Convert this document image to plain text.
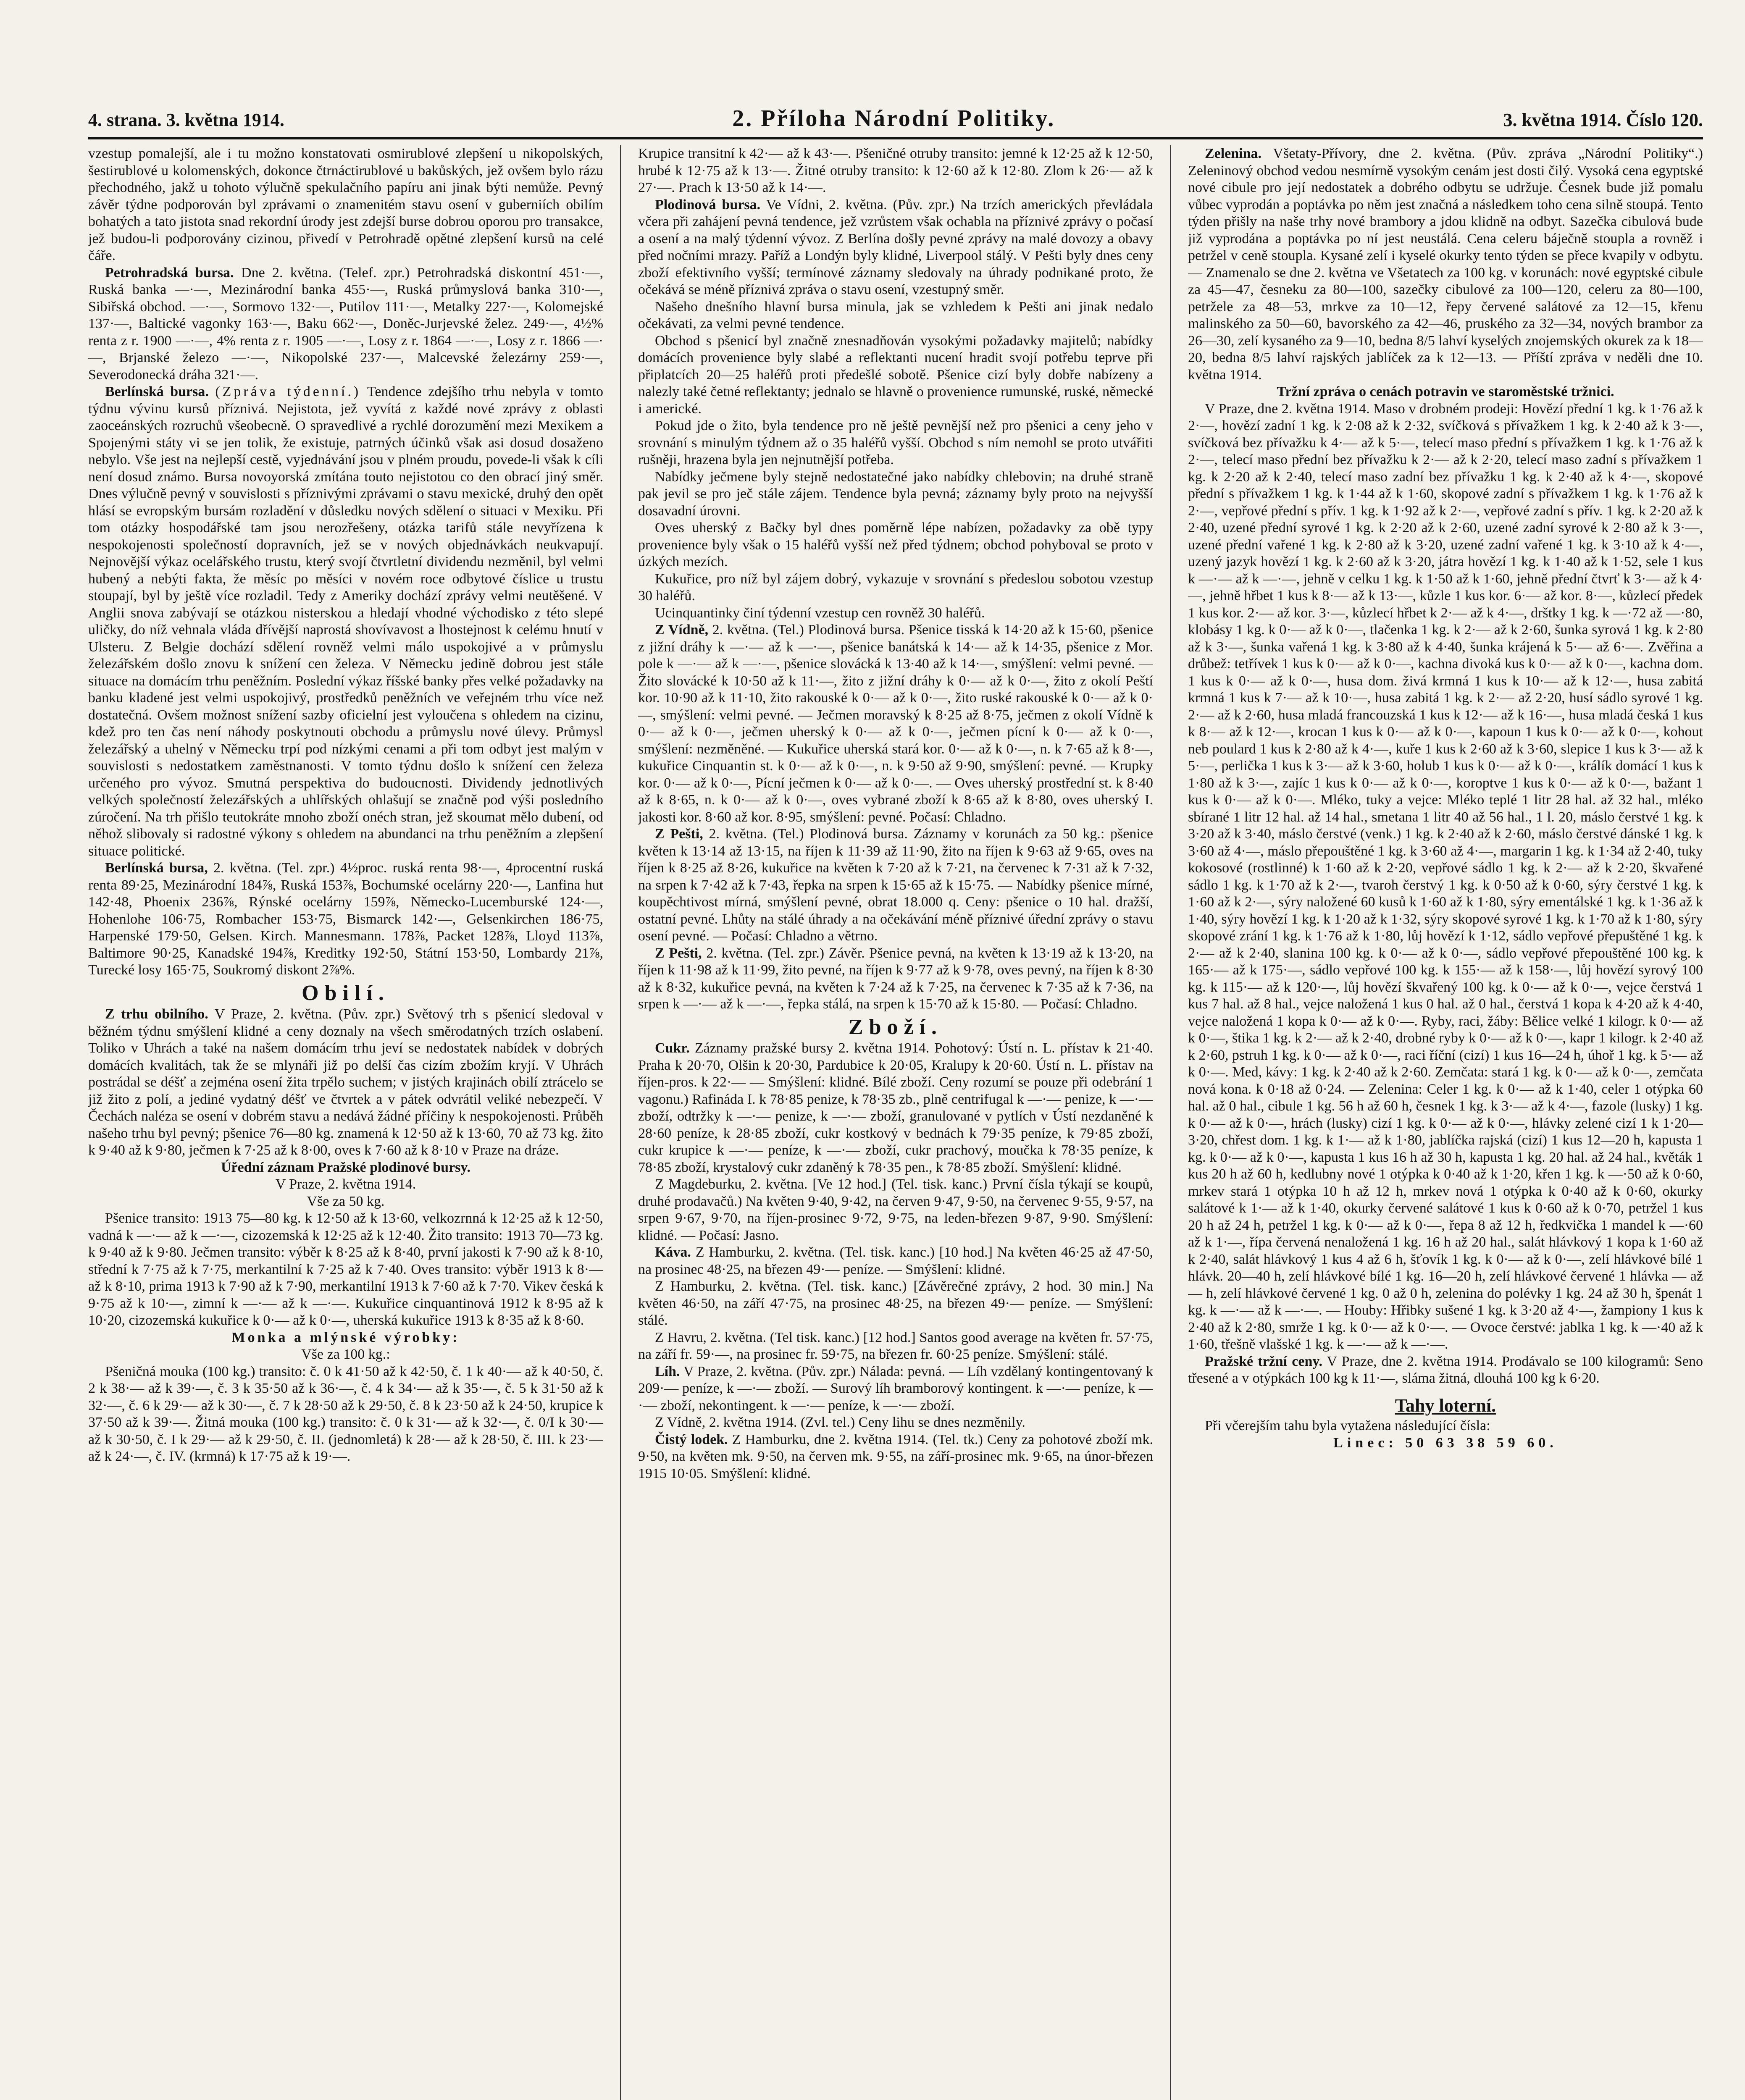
4. strana. 3. května 1914.	2. Příloha Národní Politiky.	3. května 1914. Číslo 120.

vzestup pomalejší, ale i tu možno konstatovati osmirublové zlepšení u nikopolských, šestirublové u kolomenských, dokonce čtrnáctirublové u bakůských, jež ovšem bylo rázu přechodného, jakž u tohoto výlučně spekulačního papíru ani jinak býti nemůže. Pevný závěr týdne podporován byl zprávami o znamenitém stavu osení v guberniích obilím bohatých a tato jistota snad rekordní úrody jest zdejší burse dobrou oporou pro transakce, jež budou-li podporovány cizinou, přivedí v Petrohradě opětné zlepšení kursů na celé čáře.

Petrohradská bursa. Dne 2. května. (Telef. zpr.) Petrohradská diskontní 451·—, Ruská banka —·—, Mezinárodní banka 455·—, Ruská průmyslová banka 310·—, Sibiřská obchod. —·—, Sormovo 132·—, Putilov 111·—, Metalky 227·—, Kolomejské 137·—, Baltické vagonky 163·—, Baku 662·—, Doněc-Jurjevské želez. 249·—, 4½% renta z r. 1900 —·—, 4% renta z r. 1905 —·—, Losy z r. 1864 —·—, Losy z r. 1866 —·—, Brjanské železo —·—, Nikopolské 237·—, Malcevské železárny 259·—, Severodonecká dráha 321·—.

Berlínská bursa. (Zpráva týdenní.) Tendence zdejšího trhu nebyla v tomto týdnu vývinu kursů příznivá. Nejistota, jež vyvítá z každé nové zprávy z oblasti zaoceánských rozruchů všeobecně. O spravedlivé a rychlé dorozumění mezi Mexikem a Spojenými státy vi se jen tolik, že existuje, patrných účinků však asi dosud dosaženo nebylo. Vše jest na nejlepší cestě, vyjednávání jsou v plném proudu, povede-li však k cíli není dosud známo. Bursa novoyorská zmítána touto nejistotou co den obrací jiný směr. Dnes výlučně pevný v souvislosti s příznivými zprávami o stavu mexické, druhý den opět hlásí se evropským bursám rozladění v důsledku nových sdělení o situaci v Mexiku. Při tom otázky hospodářské tam jsou nerozřešeny, otázka tarifů stále nevyřízena k nespokojenosti společností dopravních, jež se v nových objednávkách neukvapují. Nejnovější výkaz ocelářského trustu, který svojí čtvrtletní dividendu nezměnil, byl velmi hubený a nebýti fakta, že měsíc po měsíci v novém roce odbytové číslice u trustu stoupají, byl by ještě více rozladil. Tedy z Ameriky dochází zprávy velmi neutěšené. V Anglii snova zabývají se otázkou nisterskou a hledají vhodné východisko z této slepé uličky, do níž vehnala vláda dřívější naprostá shovívavost a lhostejnost k celému hnutí v Ulsteru. Z Belgie dochází sdělení rovněž velmi málo uspokojivé a v průmyslu železářském došlo znovu k snížení cen železa. V Německu jedině dobrou jest stále situace na domácím trhu peněžním. Poslední výkaz říšské banky přes velké požadavky na banku kladené jest velmi uspokojivý, prostředků peněžních ve veřejném trhu více než dostatečná. Ovšem možnost snížení sazby oficielní jest vyloučena s ohledem na cizinu, kdež pro ten čas není náhody poskytnouti obchodu a průmyslu nové úlevy. Průmysl železářský a uhelný v Německu trpí pod nízkými cenami a při tom odbyt jest malým v souvislosti s nedostatkem zaměstnanosti. V tomto týdnu došlo k snížení cen železa určeného pro vývoz. Smutná perspektiva do budoucnosti. Dividendy jednotlivých velkých společností železářských a uhlířských ohlašují se značně pod výši posledního zúročení. Na trh přišlo teutokráte mnoho zboží onéch stran, jež skoumat mělo dubení, od něhož slibovaly si radostné výkony s ohledem na abundanci na trhu peněžním a zlepšení situace politické.

Berlínská bursa, 2. května. (Tel. zpr.) 4½proc. ruská renta 98·—, 4procentní ruská renta 89·25, Mezinárodní 184⅞, Ruská 153⅞, Bochumské ocelárny 220·—, Lanfina hut 142·48, Phoenix 236⅞, Rýnské ocelárny 159⅞, Německo-Lucemburské 124·—, Hohenlohe 106·75, Rombacher 153·75, Bismarck 142·—, Gelsenkirchen 186·75, Harpenské 179·50, Gelsen. Kirch. Mannesmann. 178⅞, Packet 128⅞, Lloyd 113⅞, Baltimore 90·25, Kanadské 194⅞, Kreditky 192·50, Státní 153·50, Lombardy 21⅞, Turecké losy 165·75, Soukromý diskont 2⅞%.

Obilí.

Z trhu obilního. V Praze, 2. května. (Pův. zpr.) Světový trh s pšenicí sledoval v běžném týdnu smýšlení klidné a ceny doznaly na všech směrodatných trzích oslabení. Toliko v Uhrách a také na našem domácím trhu jeví se nedostatek nabídek v dobrých domácích kvalitách, tak že se mlynáři již po delší čas cizím zbožím kryjí. V Uhrách postrádal se déšť a zejména osení žita trpělo suchem; v jistých krajinách obilí ztrácelo se již žito z polí, a jediné vydatný déšť ve čtvrtek a v pátek odvrátil veliké nebezpečí. V Čechách naléza se osení v dobrém stavu a nedává žádné příčiny k nespokojenosti. Průběh našeho trhu byl pevný; pšenice 76—80 kg. znamená k 12·50 až k 13·60, 70 až 73 kg. žito k 9·40 až k 9·80, ječmen k 7·25 až k 8·00, oves k 7·60 až k 8·10 v Praze na dráze.

Úřední záznam Pražské plodinové bursy.
V Praze, 2. května 1914.
Vše za 50 kg.

Pšenice transito: 1913 75—80 kg. k 12·50 až k 13·60, velkozrnná k 12·25 až k 12·50, vadná k —·— až k —·—, cizozemská k 12·25 až k 12·40. Žito transito: 1913 70—73 kg. k 9·40 až k 9·80. Ječmen transito: výběr k 8·25 až k 8·40, první jakosti k 7·90 až k 8·10, střední k 7·75 až k 7·75, merkantilní k 7·25 až k 7·40. Oves transito: výběr 1913 k 8·— až k 8·10, prima 1913 k 7·90 až k 7·90, merkantilní 1913 k 7·60 až k 7·70. Vikev česká k 9·75 až k 10·—, zimní k —·— až k —·—. Kukuřice cinquantinová 1912 k 8·95 až k 10·20, cizozemská kukuřice k 0·— až k 0·—, uherská kukuřice 1913 k 8·35 až k 8·60.

Monka a mlýnské výrobky:
Vše za 100 kg.:

Pšeničná mouka (100 kg.) transito: č. 0 k 41·50 až k 42·50, č. 1 k 40·— až k 40·50, č. 2 k 38·— až k 39·—, č. 3 k 35·50 až k 36·—, č. 4 k 34·— až k 35·—, č. 5 k 31·50 až k 32·—, č. 6 k 29·— až k 30·—, č. 7 k 28·50 až k 29·50, č. 8 k 23·50 až k 24·50, krupice k 37·50 až k 39·—. Žitná mouka (100 kg.) transito: č. 0 k 31·— až k 32·—, č. 0/I k 30·— až k 30·50, č. I k 29·— až k 29·50, č. II. (jednomletá) k 28·— až k 28·50, č. III. k 23·— až k 24·—, č. IV. (krmná) k 17·75 až k 19·—.

Krupice transitní k 42·— až k 43·—. Pšeničné otruby transito: jemné k 12·25 až k 12·50, hrubé k 12·75 až k 13·—. Žitné otruby transito: k 12·60 až k 12·80. Zlom k 26·— až k 27·—. Prach k 13·50 až k 14·—.

Plodinová bursa. Ve Vídni, 2. května. (Pův. zpr.) Na trzích amerických převládala včera při zahájení pevná tendence, jež vzrůstem však ochabla na příznivé zprávy o počasí a osení a na malý týdenní vývoz. Z Berlína došly pevné zprávy na malé dovozy a obavy před nočními mrazy. Paříž a Londýn byly klidné, Liverpool stálý. V Pešti byly dnes ceny zboží efektivního vyšší; termínové záznamy sledovaly na úhrady podnikané proto, že očekává se méně příznivá zpráva o stavu osení, vzestupný směr.

Našeho dnešního hlavní bursa minula, jak se vzhledem k Pešti ani jinak nedalo očekávati, za velmi pevné tendence.

Obchod s pšenicí byl značně znesnadňován vysokými požadavky majitelů; nabídky domácích provenience byly slabé a reflektanti nucení hradit svojí potřebu teprve při připlatcích 20—25 haléřů proti předešlé sobotě. Pšenice cizí byly dobře nabízeny a nalezly také četné reflektanty; jednalo se hlavně o provenience rumunské, ruské, německé i americké.

Pokud jde o žito, byla tendence pro ně ještě pevnější než pro pšenici a ceny jeho v srovnání s minulým týdnem až o 35 haléřů vyšší. Obchod s ním nemohl se proto utvářiti rušněji, hrazena byla jen nejnutnější potřeba.

Nabídky ječmene byly stejně nedostatečné jako nabídky chlebovin; na druhé straně pak jevil se pro ječ stále zájem. Tendence byla pevná; záznamy byly proto na nejvyšší dosavadní úrovni.

Oves uherský z Bačky byl dnes poměrně lépe nabízen, požadavky za obě typy provenience byly však o 15 haléřů vyšší než před týdnem; obchod pohyboval se proto v úzkých mezích.

Kukuřice, pro níž byl zájem dobrý, vykazuje v srovnání s předeslou sobotou vzestup 30 haléřů.

Ucinquantinky činí týdenní vzestup cen rovněž 30 haléřů.

Z Vídně, 2. května. (Tel.) Plodinová bursa. Pšenice tisská k 14·20 až k 15·60, pšenice z jižní dráhy k —·— až k —·—, pšenice banátská k 14·— až k 14·35, pšenice z Mor. pole k —·— až k —·—, pšenice slovácká k 13·40 až k 14·—, smýšlení: velmi pevné. — Žito slovácké k 10·50 až k 11·—, žito z jižní dráhy k 0·— až k 0·—, žito z okolí Peští kor. 10·90 až k 11·10, žito rakouské k 0·— až k 0·—, žito ruské rakouské k 0·— až k 0·—, smýšlení: velmi pevné. — Ječmen moravský k 8·25 až 8·75, ječmen z okolí Vídně k 0·— až k 0·—, ječmen uherský k 0·— až k 0·—, ječmen pícní k 0·— až k 0·—, smýšlení: nezměněné. — Kukuřice uherská stará kor. 0·— až k 0·—, n. k 7·65 až k 8·—, kukuřice Cinquantin st. k 0·— až k 0·—, n. k 9·50 až 9·90, smýšlení: pevné. — Krupky kor. 0·— až k 0·—, Pícní ječmen k 0·— až k 0·—. — Oves uherský prostřední st. k 8·40 až k 8·65, n. k 0·— až k 0·—, oves vybrané zboží k 8·65 až k 8·80, oves uherský I. jakosti kor. 8·60 až kor. 8·95, smýšlení: pevné. Počasí: Chladno.

Z Pešti, 2. května. (Tel.) Plodinová bursa. Záznamy v korunách za 50 kg.: pšenice květen k 13·14 až 13·15, na říjen k 11·39 až 11·90, žito na říjen k 9·63 až 9·65, oves na říjen k 8·25 až 8·26, kukuřice na květen k 7·20 až k 7·21, na červenec k 7·31 až k 7·32, na srpen k 7·42 až k 7·43, řepka na srpen k 15·65 až k 15·75. — Nabídky pšenice mírné, koupěchtivost mírná, smýšlení pevné, obrat 18.000 q. Ceny: pšenice o 10 hal. dražší, ostatní pevné. Lhůty na stálé úhrady a na očekávání méně příznivé úřední zprávy o stavu osení pevné. — Počasí: Chladno a větrno.

Z Pešti, 2. května. (Tel. zpr.) Závěr. Pšenice pevná, na květen k 13·19 až k 13·20, na říjen k 11·98 až k 11·99, žito pevné, na říjen k 9·77 až k 9·78, oves pevný, na říjen k 8·30 až k 8·32, kukuřice pevná, na květen k 7·24 až k 7·25, na červenec k 7·35 až k 7·36, na srpen k —·— až k —·—, řepka stálá, na srpen k 15·70 až k 15·80. — Počasí: Chladno.

Zboží.

Cukr. Záznamy pražské bursy 2. května 1914. Pohotový: Ústí n. L. přístav k 21·40. Praha k 20·70, Olšin k 20·30, Pardubice k 20·05, Kralupy k 20·60. Ústí n. L. přístav na říjen-pros. k 22·— — Smýšlení: klidné. Bílé zboží. Ceny rozumí se pouze při odebrání 1 vagonu.) Rafináda I. k 78·85 penize, k 78·35 zb., plně centrifugal k —·— penize, k —·— zboží, odtržky k —·— penize, k —·— zboží, granulované v pytlích v Ústí nezdaněné k 28·60 peníze, k 28·85 zboží, cukr kostkový v bednách k 79·35 peníze, k 79·85 zboží, cukr krupice k —·— peníze, k —·— zboží, cukr prachový, moučka k 78·35 peníze, k 78·85 zboží, krystalový cukr zdaněný k 78·35 pen., k 78·85 zboží. Smýšlení: klidné.

Z Magdeburku, 2. května. [Ve 12 hod.] (Tel. tisk. kanc.) První čísla týkají se koupů, druhé prodavačů.) Na květen 9·40, 9·42, na červen 9·47, 9·50, na červenec 9·55, 9·57, na srpen 9·67, 9·70, na říjen-prosinec 9·72, 9·75, na leden-březen 9·87, 9·90. Smýšlení: klidné. — Počasí: Jasno.

Káva. Z Hamburku, 2. května. (Tel. tisk. kanc.) [10 hod.] Na květen 46·25 až 47·50, na prosinec 48·25, na březen 49·— peníze. — Smýšlení: klidné.

Z Hamburku, 2. května. (Tel. tisk. kanc.) [Závěrečné zprávy, 2 hod. 30 min.] Na květen 46·50, na září 47·75, na prosinec 48·25, na březen 49·— peníze. — Smýšlení: stálé.

Z Havru, 2. května. (Tel tisk. kanc.) [12 hod.] Santos good average na květen fr. 57·75, na září fr. 59·—, na prosinec fr. 59·75, na březen fr. 60·25 peníze. Smýšlení: stálé.

Líh. V Praze, 2. května. (Pův. zpr.) Nálada: pevná. — Líh vzdělaný kontingentovaný k 209·— peníze, k —·— zboží. — Surový líh bramborový kontingent. k —·— peníze, k —·— zboží, nekontingent. k —·— peníze, k —·— zboží.

Z Vídně, 2. května 1914. (Zvl. tel.) Ceny lihu se dnes nezměnily.

Čistý lodek. Z Hamburku, dne 2. května 1914. (Tel. tk.) Ceny za pohotové zboží mk. 9·50, na květen mk. 9·50, na červen mk. 9·55, na září-prosinec mk. 9·65, na únor-březen 1915 10·05. Smýšlení: klidné.

Zelenina. Všetaty-Přívory, dne 2. května. (Pův. zpráva „Národní Politiky“.) Zeleninový obchod vedou nesmírně vysokým cenám jest dosti čilý. Vysoká cena egyptské nové cibule pro její nedostatek a dobrého odbytu se udržuje. Česnek bude již pomalu vůbec vyprodán a poptávka po něm jest značná a následkem toho cena silně stoupá. Tento týden přišly na naše trhy nové brambory a jdou klidně na odbyt. Sazečka cibulová bude již vyprodána a poptávka po ní jest neustálá. Cena celeru báječně stoupla a rovněž i petržel v ceně stoupla. Kysané zelí i kyselé okurky tento týden se přece kvapily v odbytu. — Znamenalo se dne 2. května ve Všetatech za 100 kg. v korunách: nové egyptské cibule za 45—47, česneku za 80—100, sazečky cibulové za 100—120, celeru za 80—100, petržele za 48—53, mrkve za 10—12, řepy červené salátové za 12—15, křenu malinského za 50—60, bavorského za 42—46, pruského za 32—34, nových brambor za 26—30, zelí kysaného za 9—10, bedna 8/5 lahví kyselých znojemských okurek za k 18—20, bedna 8/5 lahví rajských jablíček za k 12—13. — Příští zpráva v neděli dne 10. května 1914.

Tržní zpráva o cenách potravin ve staroměstské tržnici.

V Praze, dne 2. května 1914. Maso v drobném prodeji: Hovězí přední 1 kg. k 1·76 až k 2·—, hovězí zadní 1 kg. k 2·08 až k 2·32, svíčková s přívažkem 1 kg. k 2·40 až k 3·—, svíčková bez přívažku k 4·— až k 5·—, telecí maso přední s přívažkem 1 kg. k 1·76 až k 2·—, telecí maso přední bez přívažku k 2·— až k 2·20, telecí maso zadní s přívažkem 1 kg. k 2·20 až k 2·40, telecí maso zadní bez přívažku 1 kg. k 2·40 až k 4·—, skopové přední s přívažkem 1 kg. k 1·44 až k 1·60, skopové zadní s přívažkem 1 kg. k 1·76 až k 2·—, vepřové přední s přív. 1 kg. k 1·92 až k 2·—, vepřové zadní s přív. 1 kg. k 2·20 až k 2·40, uzené přední syrové 1 kg. k 2·20 až k 2·60, uzené zadní syrové k 2·80 až k 3·—, uzené přední vařené 1 kg. k 2·80 až k 3·20, uzené zadní vařené 1 kg. k 3·10 až k 4·—, uzený jazyk hovězí 1 kg. k 2·60 až k 3·20, játra hovězí 1 kg. k 1·40 až k 1·52, sele 1 kus k —·— až k —·—, jehně v celku 1 kg. k 1·50 až k 1·60, jehně přední čtvrť k 3·— až k 4·—, jehně hřbet 1 kus k 8·— až k 13·—, kůzle 1 kus kor. 6·— až kor. 8·—, kůzlecí předek 1 kus kor. 2·— až kor. 3·—, kůzlecí hřbet k 2·— až k 4·—, drštky 1 kg. k —·72 až —·80, klobásy 1 kg. k 0·— až k 0·—, tlačenka 1 kg. k 2·— až k 2·60, šunka syrová 1 kg. k 2·80 až k 3·—, šunka vařená 1 kg. k 3·80 až k 4·40, šunka krájená k 5·— až 6·—. Zvěřina a drůbež: tetřívek 1 kus k 0·— až k 0·—, kachna divoká kus k 0·— až k 0·—, kachna dom. 1 kus k 0·— až k 0·—, husa dom. živá krmná 1 kus k 10·— až k 12·—, husa zabitá krmná 1 kus k 7·— až k 10·—, husa zabitá 1 kg. k 2·— až 2·20, husí sádlo syrové 1 kg. 2·— až k 2·60, husa mladá francouzská 1 kus k 12·— až k 16·—, husa mladá česká 1 kus k 8·— až k 12·—, krocan 1 kus k 0·— až k 0·—, kapoun 1 kus k 0·— až k 0·—, kohout neb poulard 1 kus k 2·80 až k 4·—, kuře 1 kus k 2·60 až k 3·60, slepice 1 kus k 3·— až k 5·—, perlička 1 kus k 3·— až k 3·60, holub 1 kus k 0·— až k 0·—, králík domácí 1 kus k 1·80 až k 3·—, zajíc 1 kus k 0·— až k 0·—, koroptve 1 kus k 0·— až k 0·—, bažant 1 kus k 0·— až k 0·—. Mléko, tuky a vejce: Mléko teplé 1 litr 28 hal. až 32 hal., mléko sbírané 1 litr 12 hal. až 14 hal., smetana 1 litr 40 až 56 hal., 1 l. 20, máslo čerstvé 1 kg. k 3·20 až k 3·40, máslo čerstvé (venk.) 1 kg. k 2·40 až k 2·60, máslo čerstvé dánské 1 kg. k 3·60 až 4·—, máslo přepouštěné 1 kg. k 3·60 až 4·—, margarin 1 kg. k 1·34 až 2·40, tuky kokosové (rostlinné) k 1·60 až k 2·20, vepřové sádlo 1 kg. k 2·— až k 2·20, škvařené sádlo 1 kg. k 1·70 až k 2·—, tvaroh čerstvý 1 kg. k 0·50 až k 0·60, sýry čerstvé 1 kg. k 1·60 až k 2·—, sýry naložené 60 kusů k 1·60 až k 1·80, sýry ementálské 1 kg. k 1·36 až k 1·40, sýry hovězí 1 kg. k 1·20 až k 1·32, sýry skopové syrové 1 kg. k 1·70 až k 1·80, sýry skopové zrání 1 kg. k 1·76 až k 1·80, lůj hovězí k 1·12, sádlo vepřové přepuštěné 1 kg. k 2·— až k 2·40, slanina 100 kg. k 0·— až k 0·—, sádlo vepřové přepouštěné 100 kg. k 165·— až k 175·—, sádlo vepřové 100 kg. k 155·— až k 158·—, lůj hovězí syrový 100 kg. k 115·— až k 120·—, lůj hovězí škvařený 100 kg. k 0·— až k 0·—, vejce čerstvá 1 kus 7 hal. až 8 hal., vejce naložená 1 kus 0 hal. až 0 hal., čerstvá 1 kopa k 4·20 až k 4·40, vejce naložená 1 kopa k 0·— až k 0·—. Ryby, raci, žáby: Bělice velké 1 kilogr. k 0·— až k 0·—, štika 1 kg. k 2·— až k 2·40, drobné ryby k 0·— až k 0·—, kapr 1 kilogr. k 2·40 až k 2·60, pstruh 1 kg. k 0·— až k 0·—, raci říční (cizí) 1 kus 16—24 h, úhoř 1 kg. k 5·— až k 0·—. Med, kávy: 1 kg. k 2·40 až k 2·60. Zemčata: stará 1 kg. k 0·— až k 0·—, zemčata nová kona. k 0·18 až 0·24. — Zelenina: Celer 1 kg. k 0·— až k 1·40, celer 1 otýpka 60 hal. až 0 hal., cibule 1 kg. 56 h až 60 h, česnek 1 kg. k 3·— až k 4·—, fazole (lusky) 1 kg. k 0·— až k 0·—, hrách (lusky) cizí 1 kg. k 0·— až k 0·—, hlávky zelené cizí 1 k 1·20—3·20, chřest dom. 1 kg. k 1·— až k 1·80, jablíčka rajská (cizí) 1 kus 12—20 h, kapusta 1 kg. k 0·— až k 0·—, kapusta 1 kus 16 h až 30 h, kapusta 1 kg. 20 hal. až 24 hal., květák 1 kus 20 h až 60 h, kedlubny nové 1 otýpka k 0·40 až k 1·20, křen 1 kg. k —·50 až k 0·60, mrkev stará 1 otýpka 10 h až 12 h, mrkev nová 1 otýpka k 0·40 až k 0·60, okurky salátové k 1·— až k 1·40, okurky červené salátové 1 kus k 0·60 až k 0·70, petržel 1 kus 20 h až 24 h, petržel 1 kg. k 0·— až k 0·—, řepa 8 až 12 h, ředkvička 1 mandel k —·60 až k 1·—, řípa červená nenaložená 1 kg. 16 h až 20 hal., salát hlávkový 1 kopa k 1·60 až k 2·40, salát hlávkový 1 kus 4 až 6 h, šťovík 1 kg. k 0·— až k 0·—, zelí hlávkové bílé 1 hlávk. 20—40 h, zelí hlávkové bílé 1 kg. 16—20 h, zelí hlávkové červené 1 hlávka — až — h, zelí hlávkové červené 1 kg. 0 až 0 h, zelenina do polévky 1 kg. 24 až 30 h, špenát 1 kg. k —·— až k —·—. — Houby: Hřibky sušené 1 kg. k 3·20 až 4·—, žampiony 1 kus k 2·40 až k 2·80, smrže 1 kg. k 0·— až k 0·—. — Ovoce čerstvé: jablka 1 kg. k —·40 až k 1·60, třešně vlašské 1 kg. k —·— až k —·—.

Pražské tržní ceny. V Praze, dne 2. května 1914. Prodávalo se 100 kilogramů: Seno třesené a v otýpkách 100 kg k 11·—, sláma žitná, dlouhá 100 kg k 6·20.

Tahy loterní.

Při včerejším tahu byla vytažena následující čísla:

Linec: 50 63 38 59 60.
